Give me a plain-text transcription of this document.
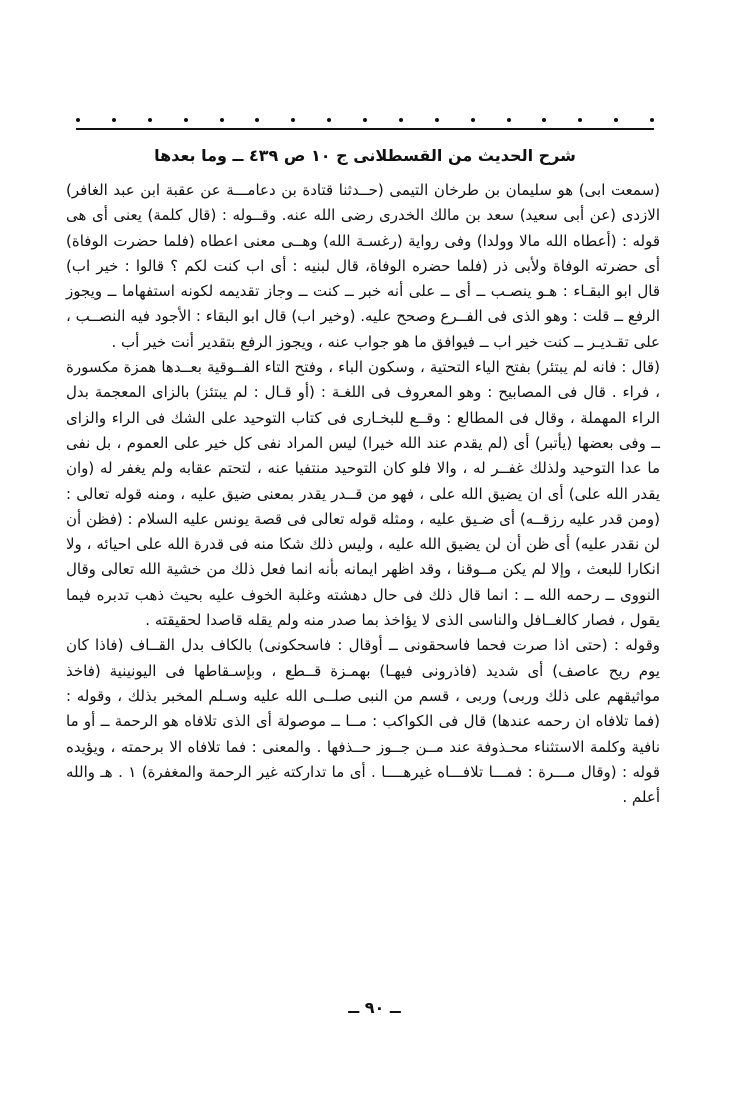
شرح الحديث من القسطلانى ج ١٠ ص ٤٣٩ ــ وما بعدها

(سمعت ابى) هو سليمان بن طرخان التيمى (حــدثنا قتادة بن دعامـــة عن عقبة ابن عبد الغافر) الازدى (عن أبى سعيد) سعد بن مالك الخدرى رضى الله عنه. وقــوله : (قال كلمة) يعنى أى هى قوله : (أعطاه الله مالا وولدا) وفى رواية (رغسـة الله) وهــى معنى اعطاه (فلما حضرت الوفاة) أى حضرته الوفاة ولأبى ذر (فلما حضره الوفاة، قال لبنيه : أى اب كنت لكم ؟ قالوا : خير اب) قال ابو البقـاء : هـو ينصـب ــ أى ــ على أنه خبر ــ كنت ــ وجاز تقديمه لكونه استفهاما ــ ويجوز الرفع ــ قلت : وهو الذى فى الفــرع وصحح عليه. (وخير اب) قال ابو البقاء : الأجود فيه النصــب ، على تقـديـر ــ كنت خير اب ــ فيوافق ما هو جواب عنه ، ويجوز الرفع بتقدير أنت خير أب .

(قال : فانه لم يبتئر) بفتح الياء التحتية ، وسكون الباء ، وفتح التاء الفــوقية بعــدها همزة مكسورة ، فراء . قال فى المصابيح : وهو المعروف فى اللغـة : (أو قـال : لم يبتئز) بالزاى المعجمة بدل الراء المهملة ، وقال فى المطالع : وقــع للبخـارى فى كتاب التوحيد على الشك فى الراء والزاى ــ وفى بعضها (يأتبر) أى (لم يقدم عند الله خيرا) ليس المراد نفى كل خير على العموم ، بل نفى ما عدا التوحيد ولذلك غفــر له ، والا فلو كان التوحيد منتفيا عنه ، لتحتم عقابه ولم يغفر له (وان يقدر الله على) أى ان يضيق الله على ، فهو من قــدر يقدر بمعنى ضيق عليه ، ومنه قوله تعالى : (ومن قدر عليه رزقــه) أى ضـيق عليه ، ومثله قوله تعالى فى قصة يونس عليه السلام : (فظن أن لن نقدر عليه) أى ظن أن لن يضيق الله عليه ، وليس ذلك شكا منه فى قدرة الله على احيائه ، ولا انكارا للبعث ، وإلا لم يكن مــوقنا ، وقد اظهر ايمانه بأنه انما فعل ذلك من خشية الله تعالى وقال النووى ــ رحمه الله ــ : انما قال ذلك فى حال دهشته وغلبة الخوف عليه بحيث ذهب تدبره فيما يقول ، فصار كالغــافل والناسى الذى لا يؤاخذ بما صدر منه ولم يقله قاصدا لحقيقته .

وقوله : (حتى اذا صرت فحما فاسحقونى ــ أوقال : فاسحكونى) بالكاف بدل القــاف (فاذا كان يوم ريح عاصف) أى شديد (فاذرونى فيهـا) بهمـزة قــطع ، وبإسـقاطها فى اليونينية (فاخذ مواثيقهم على ذلك وربى) وربى ، قسم من النبى صلــى الله عليه وسـلم المخبر بذلك ، وقوله : (فما تلافاه ان رحمه عندها) قال فى الكواكب : مــا ــ موصولة أى الذى تلافاه هو الرحمة ــ أو ما نافية وكلمة الاستثناء محـذوفة عند مــن جــوز حــذفها . والمعنى : فما تلافاه الا برحمته ، ويؤيده قوله : (وقال مـــرة : فمـــا تلافـــاه غيرهــــا . أى ما تداركته غير الرحمة والمغفرة) ١ . هـ والله أعلم .

ــ ٩٠ ــ
